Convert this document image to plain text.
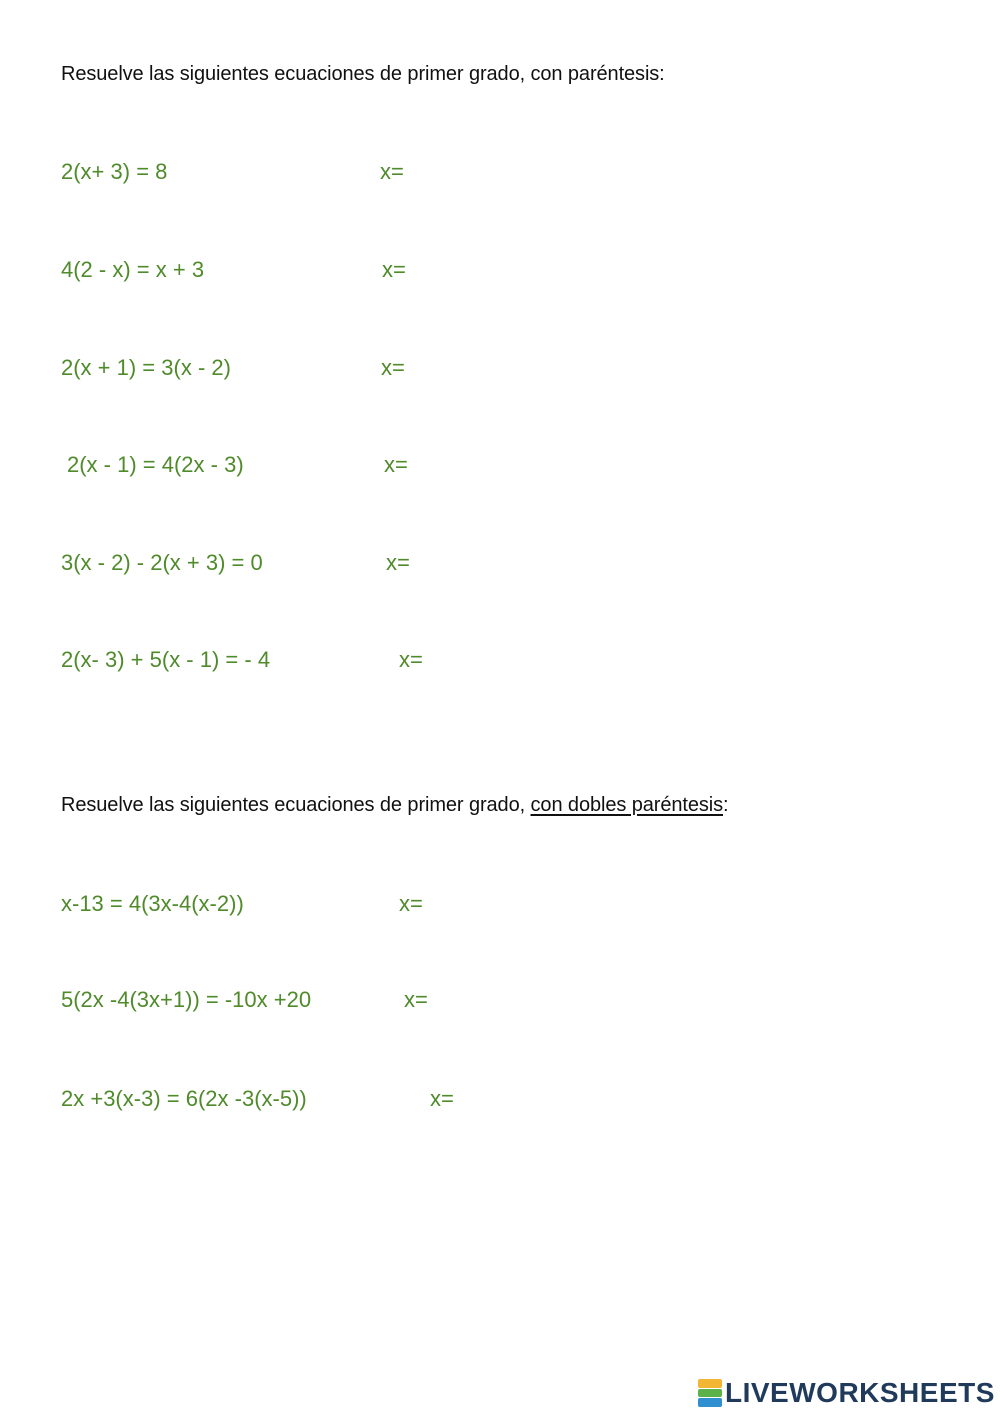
Resuelve las siguientes ecuaciones de primer grado, con paréntesis:
2(x+ 3) = 8	x=
4(2 - x) = x + 3	x=
2(x + 1) = 3(x - 2)	x=
2(x - 1) = 4(2x - 3)	x=
3(x - 2) - 2(x + 3) = 0	x=
2(x- 3) + 5(x - 1) = - 4	x=
Resuelve las siguientes ecuaciones de primer grado, con dobles paréntesis:
x-13 = 4(3x-4(x-2))	x=
5(2x -4(3x+1)) = -10x +20	x=
2x +3(x-3) = 6(2x -3(x-5))	x=
LIVEWORKSHEETS
